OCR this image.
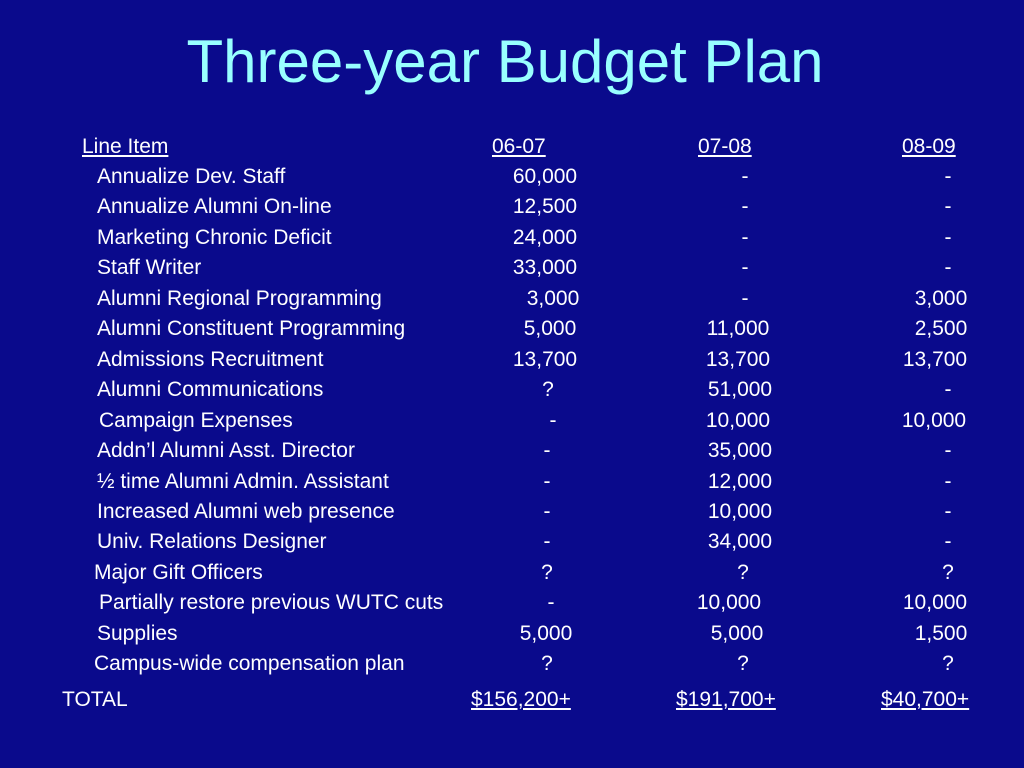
Three-year Budget Plan
Line Item	06-07	07-08	08-09
Annualize Dev. Staff	60,000	-	-
Annualize Alumni On-line	12,500	-	-
Marketing Chronic Deficit	24,000	-	-
Staff Writer	33,000	-	-
Alumni Regional Programming	3,000	-	3,000
Alumni Constituent Programming	5,000	11,000	2,500
Admissions Recruitment	13,700	13,700	13,700
Alumni Communications	?	51,000	-
Campaign Expenses	-	10,000	10,000
Addn’l Alumni Asst. Director	-	35,000	-
½ time Alumni Admin. Assistant	-	12,000	-
Increased Alumni web presence	-	10,000	-
Univ. Relations Designer	-	34,000	-
Major Gift Officers	?	?	?
Partially restore previous WUTC cuts	-	10,000	10,000
Supplies	5,000	5,000	1,500
Campus-wide compensation plan	?	?	?
TOTAL	$156,200+	$191,700+	$40,700+
